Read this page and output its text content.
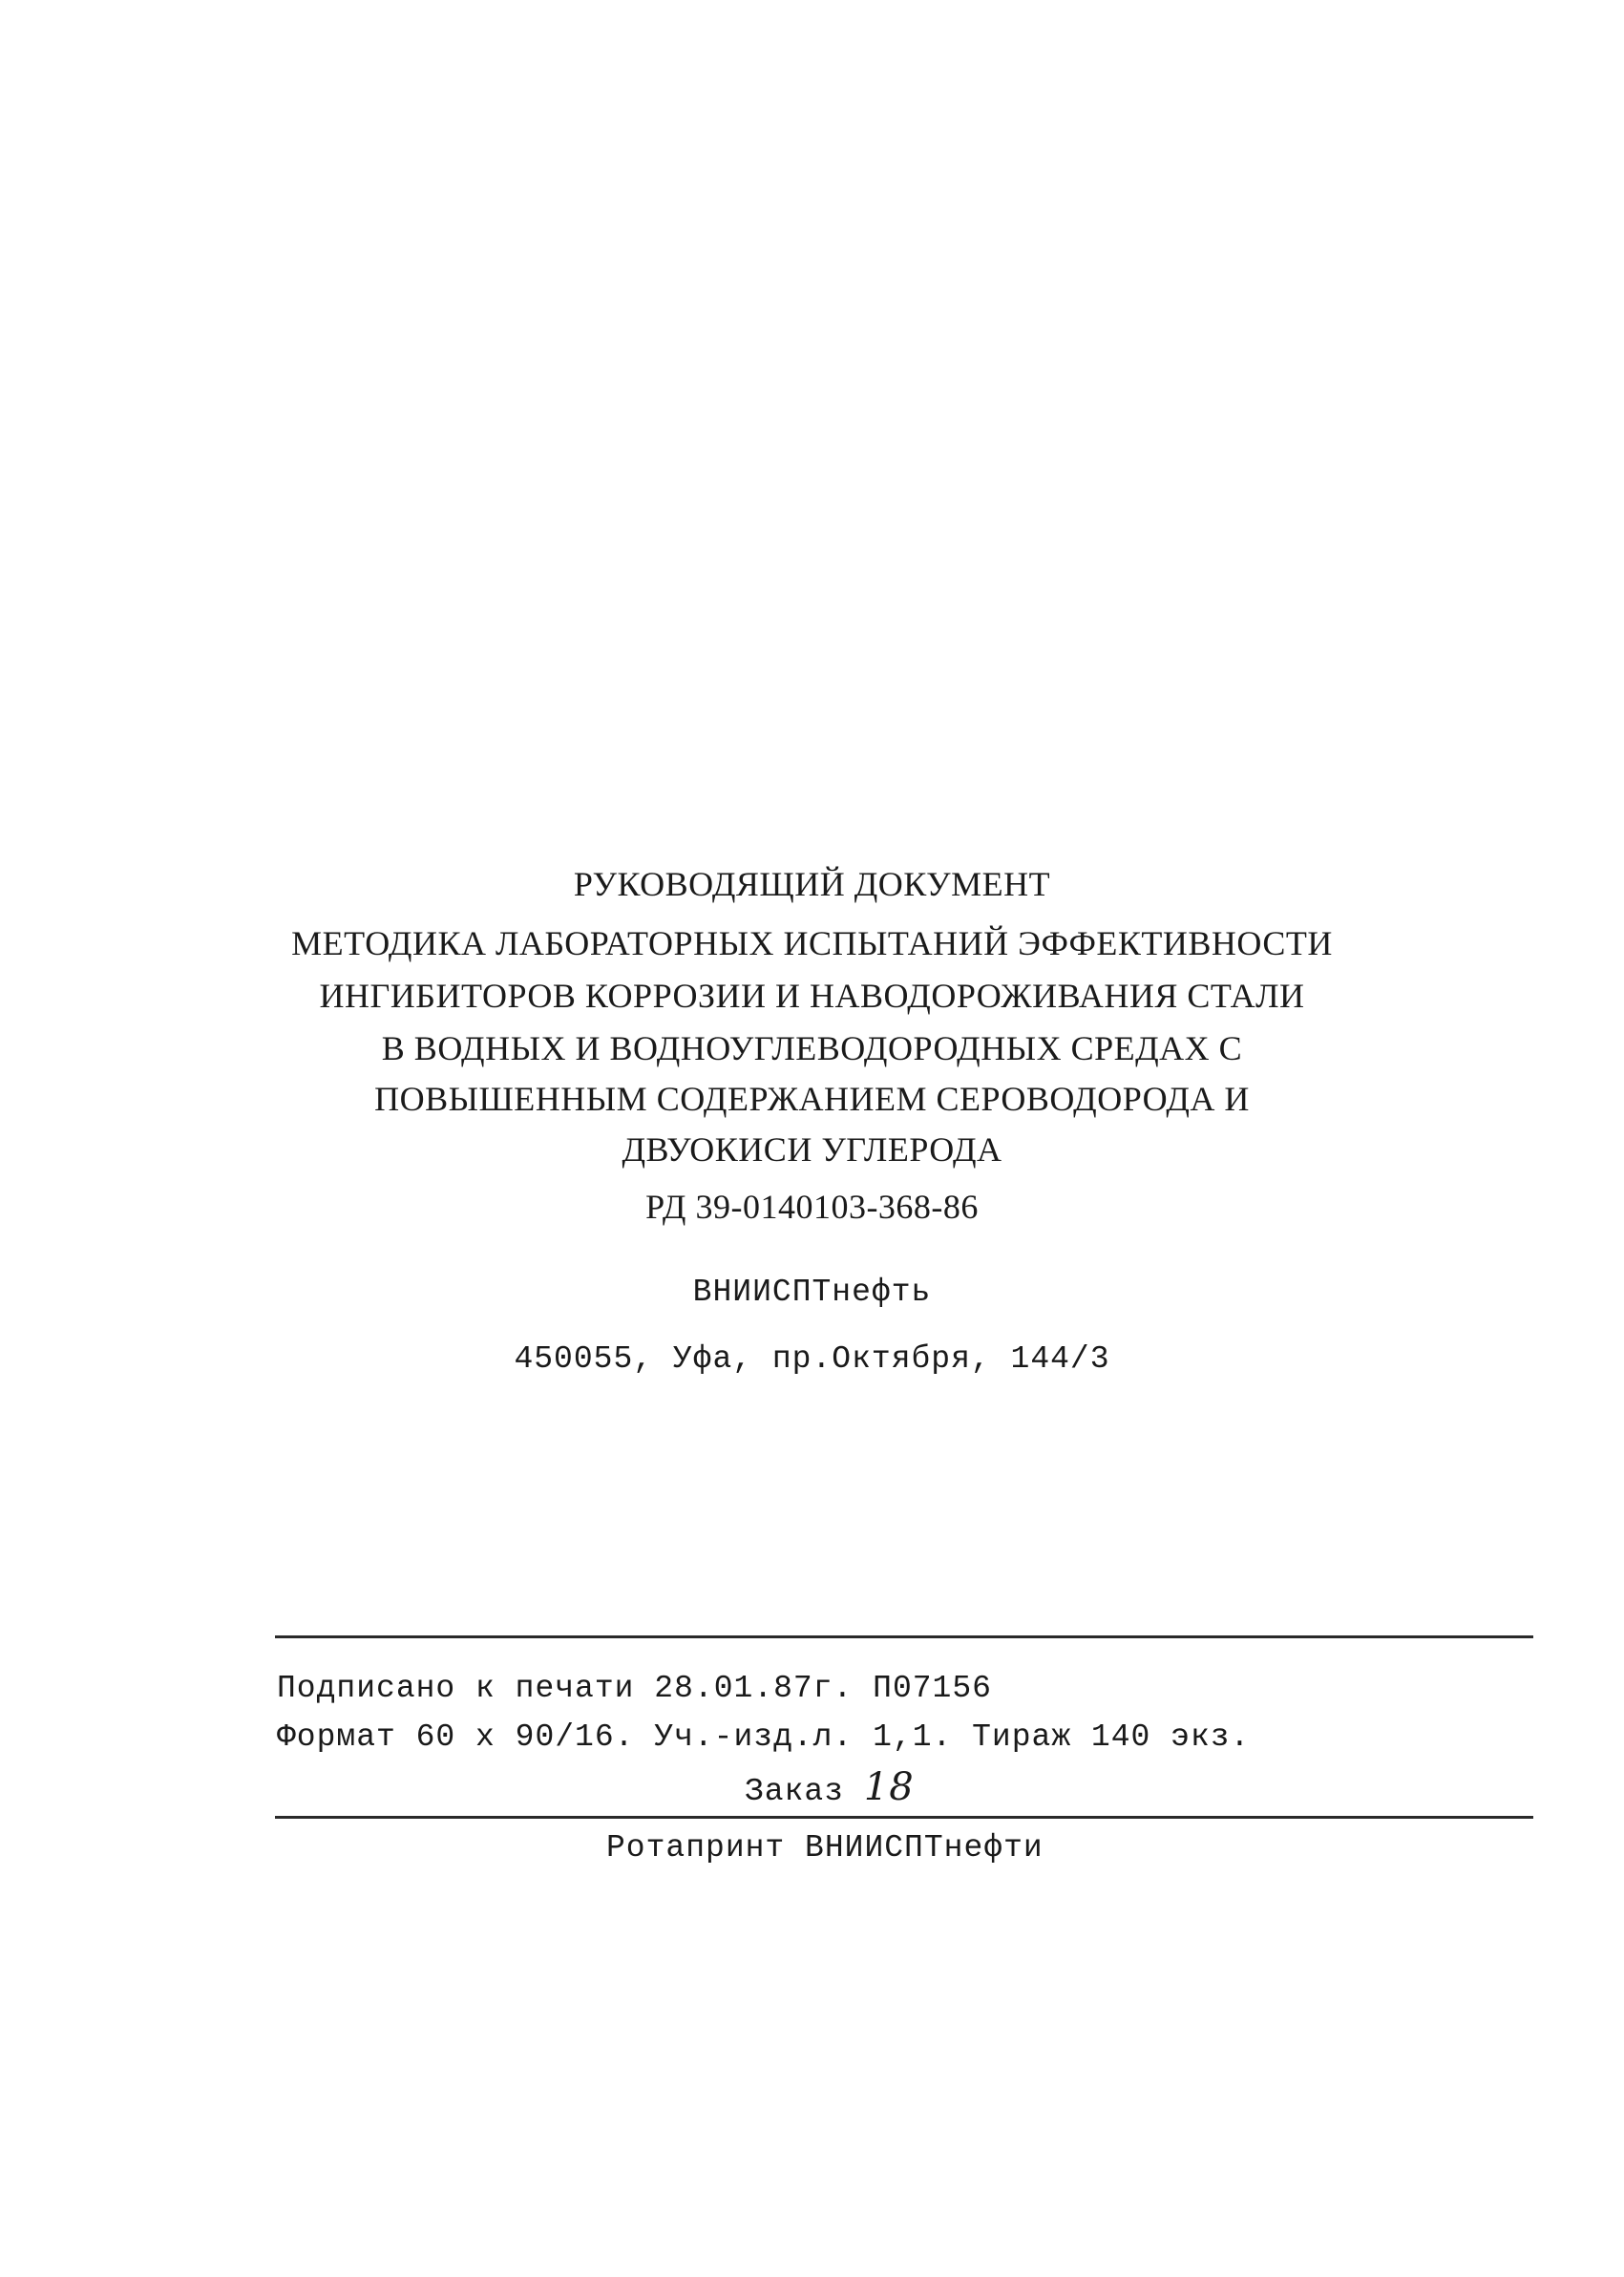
РУКОВОДЯЩИЙ ДОКУМЕНТ
МЕТОДИКА ЛАБОРАТОРНЫХ ИСПЫТАНИЙ ЭФФЕКТИВНОСТИ
ИНГИБИТОРОВ КОРРОЗИИ И НАВОДОРОЖИВАНИЯ СТАЛИ
В ВОДНЫХ И ВОДНОУГЛЕВОДОРОДНЫХ СРЕДАХ С
ПОВЫШЕННЫМ СОДЕРЖАНИЕМ СЕРОВОДОРОДА И
ДВУОКИСИ УГЛЕРОДА
РД 39-0140103-368-86
ВНИИСПТнефть
450055, Уфа, пр.Октября, 144/3
Подписано к печати 28.01.87г. П07156
Формат 60 x 90/16. Уч.-изд.л. 1,1. Тираж 140 экз.
Заказ 18
Ротапринт ВНИИСПТнефти
